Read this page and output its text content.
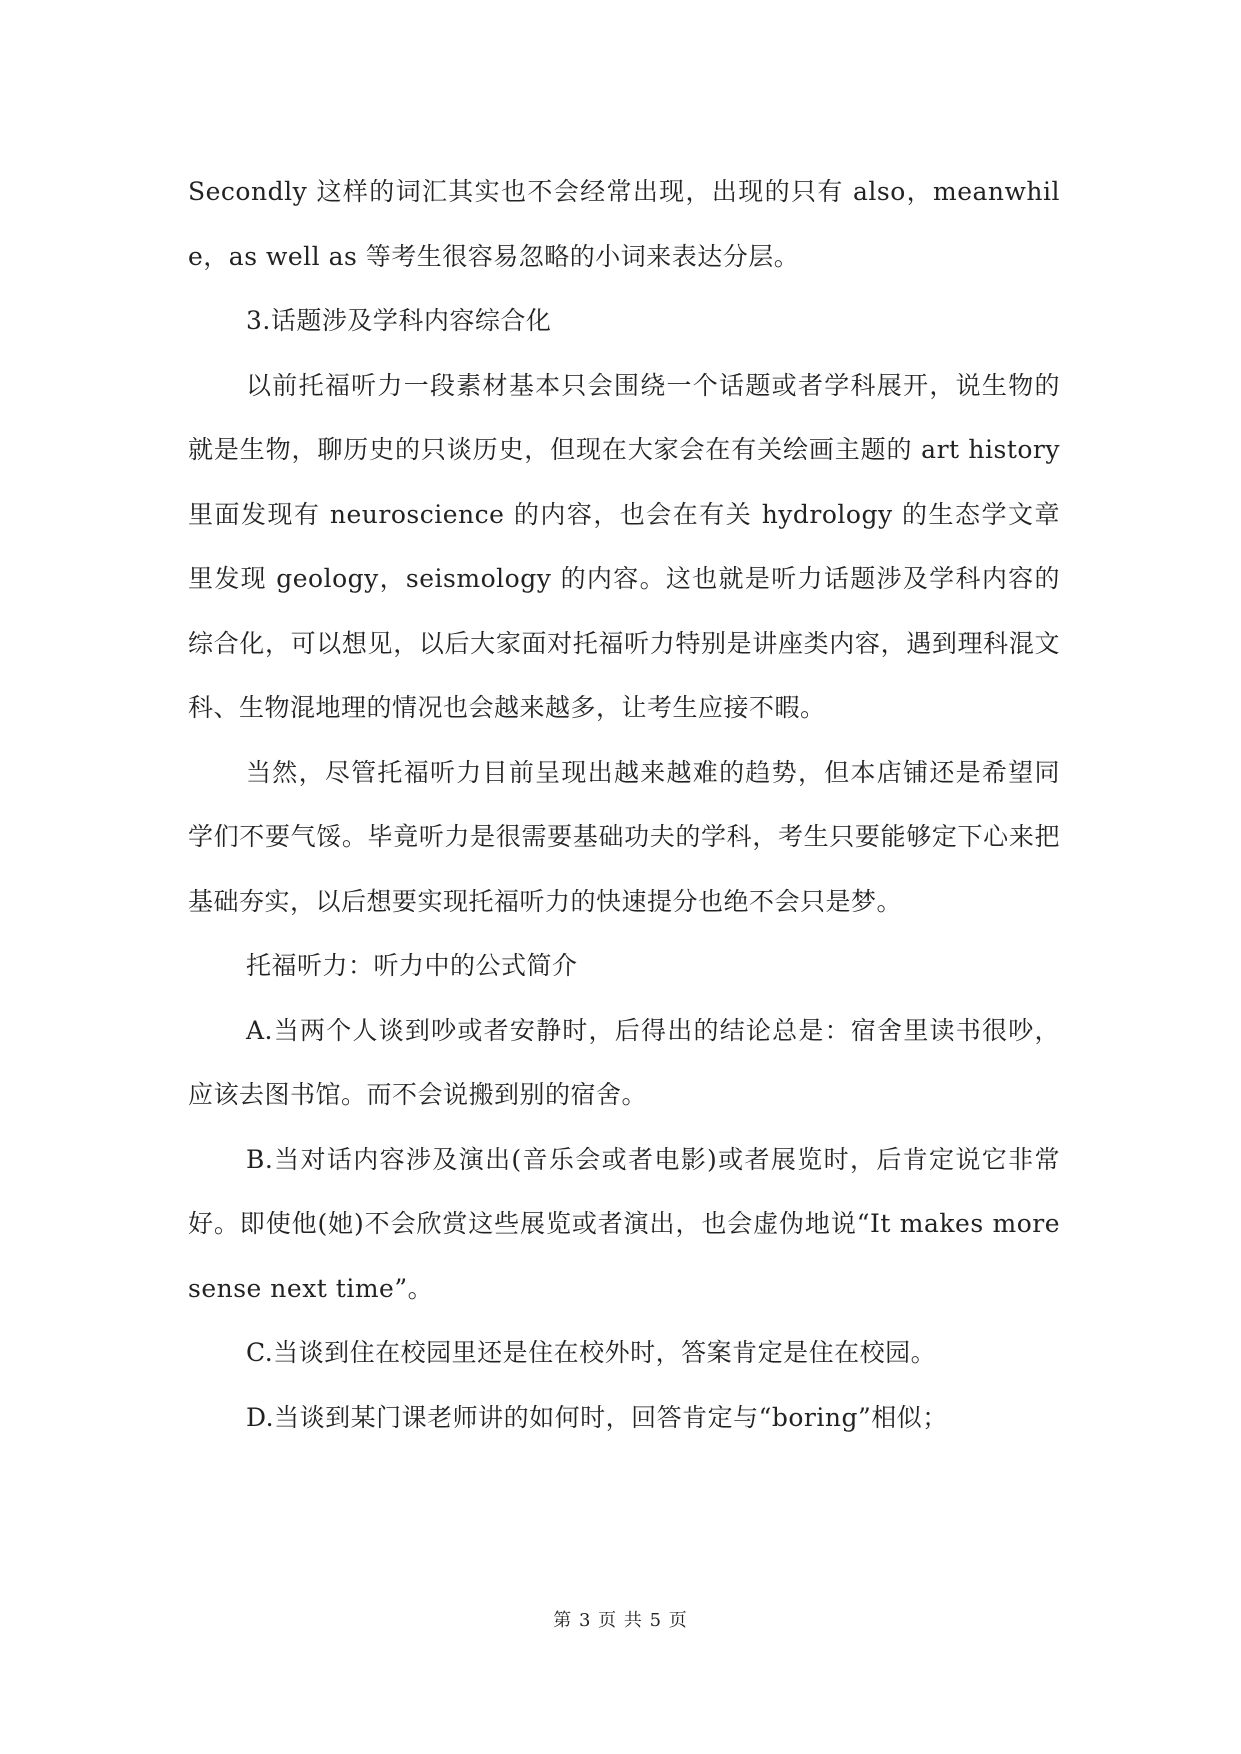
Secondly 这样的词汇其实也不会经常出现，出现的只有 also，meanwhile，as well as 等考生很容易忽略的小词来表达分层。

3.话题涉及学科内容综合化

以前托福听力一段素材基本只会围绕一个话题或者学科展开，说生物的就是生物，聊历史的只谈历史，但现在大家会在有关绘画主题的 art history 里面发现有 neuroscience 的内容，也会在有关 hydrology 的生态学文章里发现 geology，seismology 的内容。这也就是听力话题涉及学科内容的综合化，可以想见，以后大家面对托福听力特别是讲座类内容，遇到理科混文科、生物混地理的情况也会越来越多，让考生应接不暇。

当然，尽管托福听力目前呈现出越来越难的趋势，但本店铺还是希望同学们不要气馁。毕竟听力是很需要基础功夫的学科，考生只要能够定下心来把基础夯实，以后想要实现托福听力的快速提分也绝不会只是梦。

托福听力：听力中的公式简介

A.当两个人谈到吵或者安静时，后得出的结论总是：宿舍里读书很吵，应该去图书馆。而不会说搬到别的宿舍。

B.当对话内容涉及演出(音乐会或者电影)或者展览时，后肯定说它非常好。即使他(她)不会欣赏这些展览或者演出，也会虚伪地说“It makes more sense next time”。

C.当谈到住在校园里还是住在校外时，答案肯定是住在校园。

D.当谈到某门课老师讲的如何时，回答肯定与“boring”相似；

第 3 页 共 5 页
